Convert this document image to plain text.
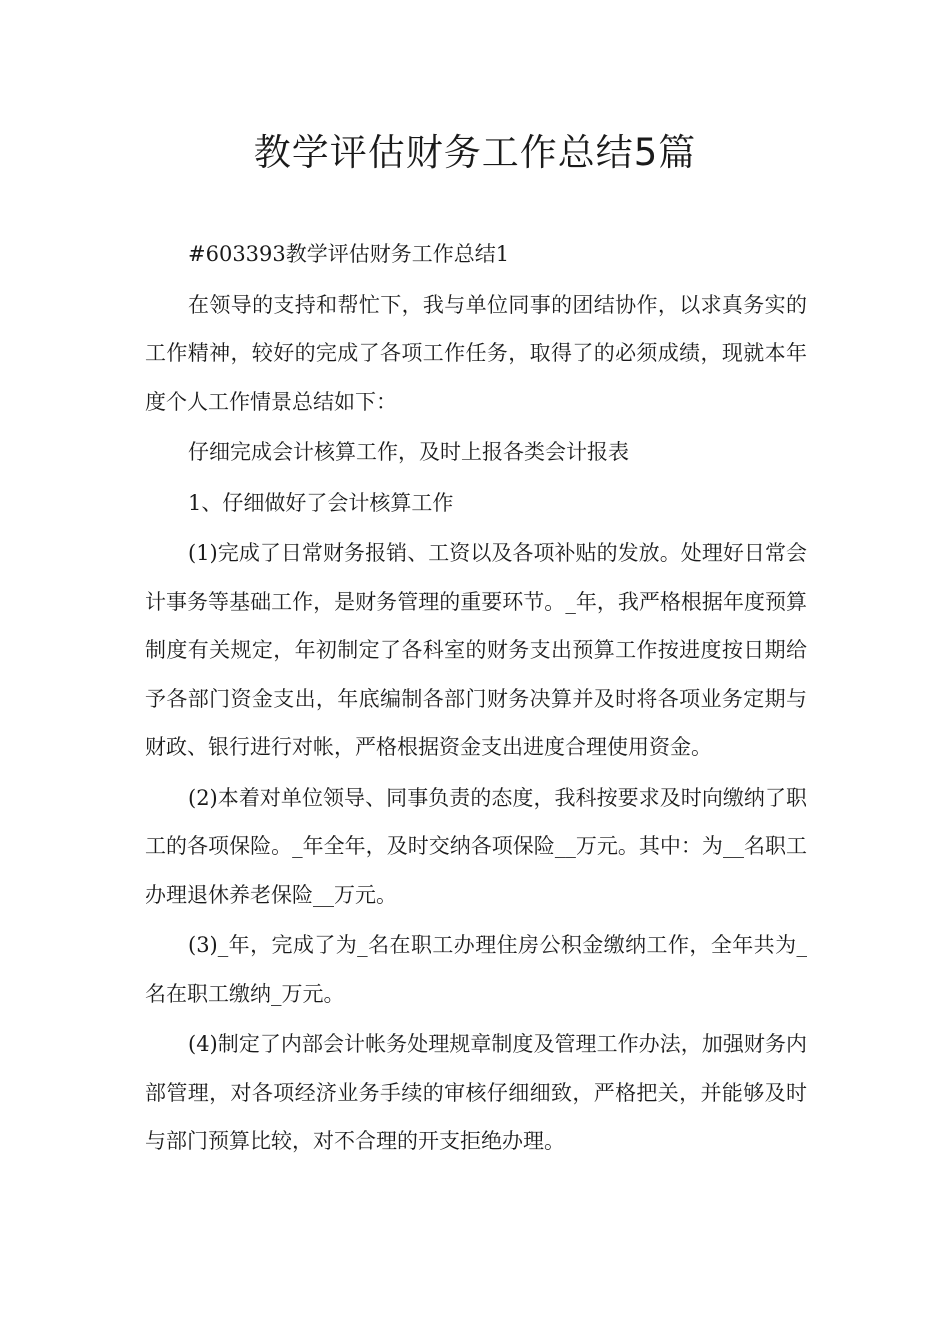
教学评估财务工作总结5篇

#603393教学评估财务工作总结1

在领导的支持和帮忙下，我与单位同事的团结协作，以求真务实的工作精神，较好的完成了各项工作任务，取得了的必须成绩，现就本年度个人工作情景总结如下：

仔细完成会计核算工作，及时上报各类会计报表

1、仔细做好了会计核算工作

(1)完成了日常财务报销、工资以及各项补贴的发放。处理好日常会计事务等基础工作，是财务管理的重要环节。_年，我严格根据年度预算制度有关规定，年初制定了各科室的财务支出预算工作按进度按日期给予各部门资金支出，年底编制各部门财务决算并及时将各项业务定期与财政、银行进行对帐，严格根据资金支出进度合理使用资金。

(2)本着对单位领导、同事负责的态度，我科按要求及时向缴纳了职工的各项保险。_年全年，及时交纳各项保险__万元。其中：为__名职工办理退休养老保险__万元。

(3)_年，完成了为_名在职工办理住房公积金缴纳工作，全年共为_名在职工缴纳_万元。

(4)制定了内部会计帐务处理规章制度及管理工作办法，加强财务内部管理，对各项经济业务手续的审核仔细细致，严格把关，并能够及时与部门预算比较，对不合理的开支拒绝办理。
